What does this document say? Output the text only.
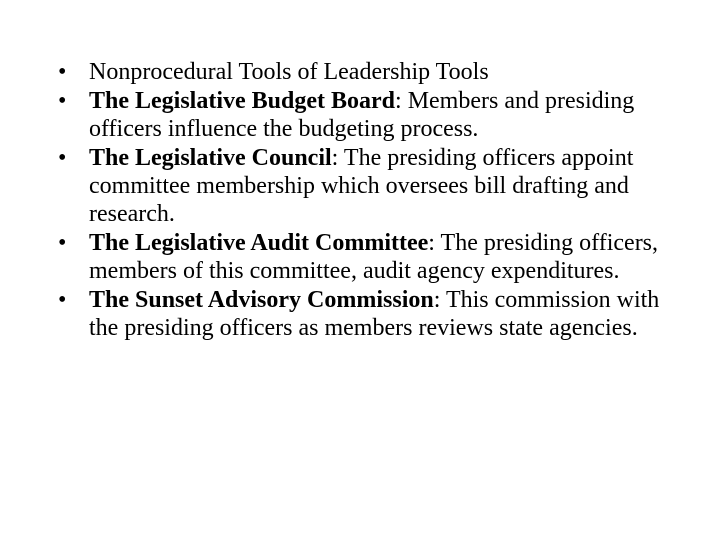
• Nonprocedural Tools of Leadership Tools
• The Legislative Budget Board: Members and presiding officers influence the budgeting process.
• The Legislative Council: The presiding officers appoint committee membership which oversees bill drafting and research.
• The Legislative Audit Committee: The presiding officers, members of this committee, audit agency expenditures.
• The Sunset Advisory Commission: This commission with the presiding officers as members reviews state agencies.
